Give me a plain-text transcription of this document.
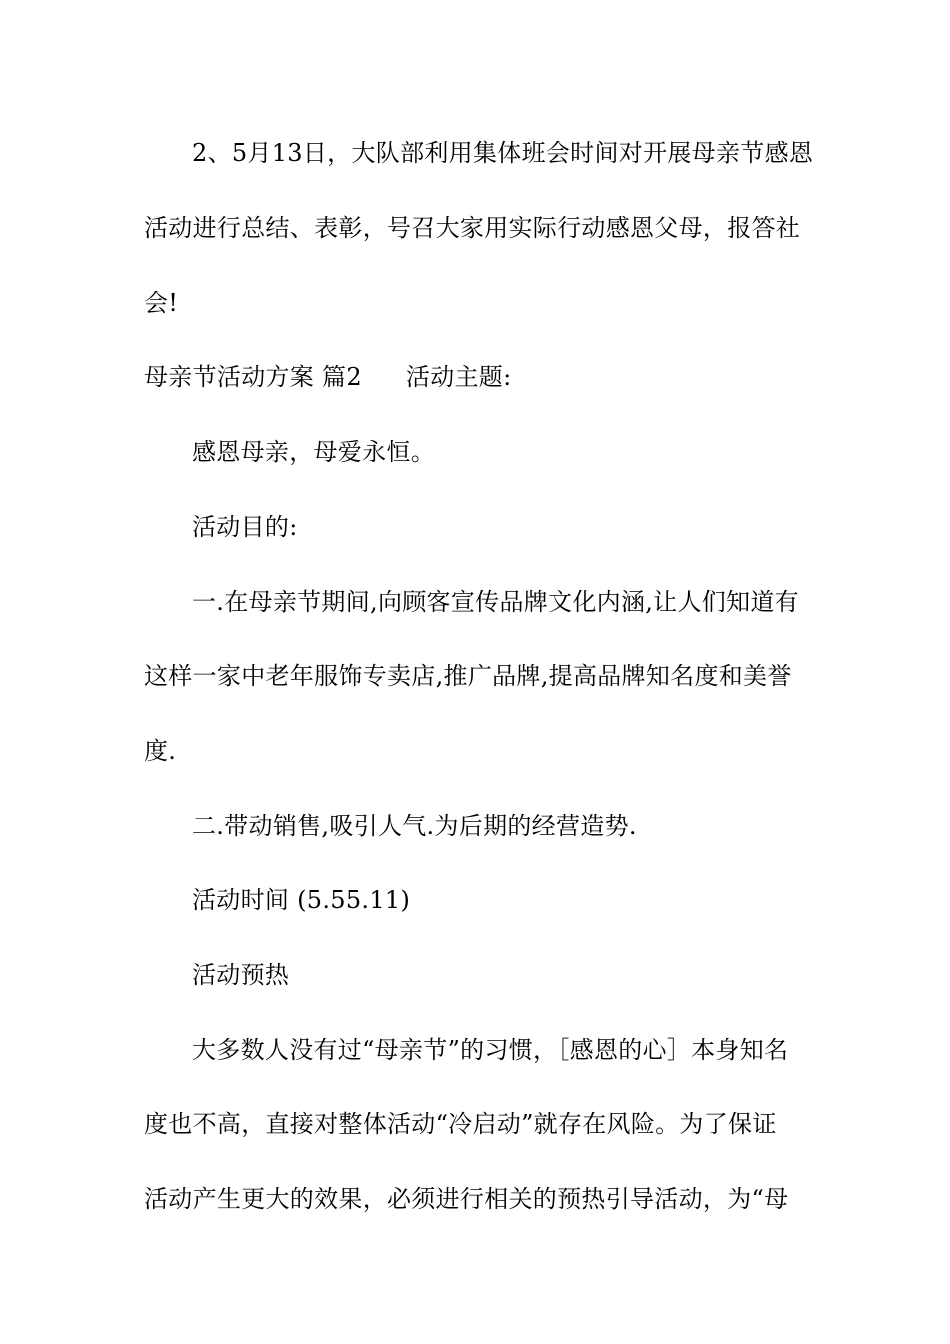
2、5月13日，大队部利用集体班会时间对开展母亲节感恩
活动进行总结、表彰，号召大家用实际行动感恩父母，报答社
会!
母亲节活动方案 篇2 活动主题:
感恩母亲，母爱永恒。
活动目的:
一.在母亲节期间,向顾客宣传品牌文化内涵,让人们知道有
这样一家中老年服饰专卖店,推广品牌,提高品牌知名度和美誉
度.
二.带动销售,吸引人气.为后期的经营造势.
活动时间 (5.55.11)
活动预热
大多数人没有过“母亲节”的习惯，［感恩的心］本身知名
度也不高，直接对整体活动“冷启动”就存在风险。为了保证
活动产生更大的效果，必须进行相关的预热引导活动，为“母
